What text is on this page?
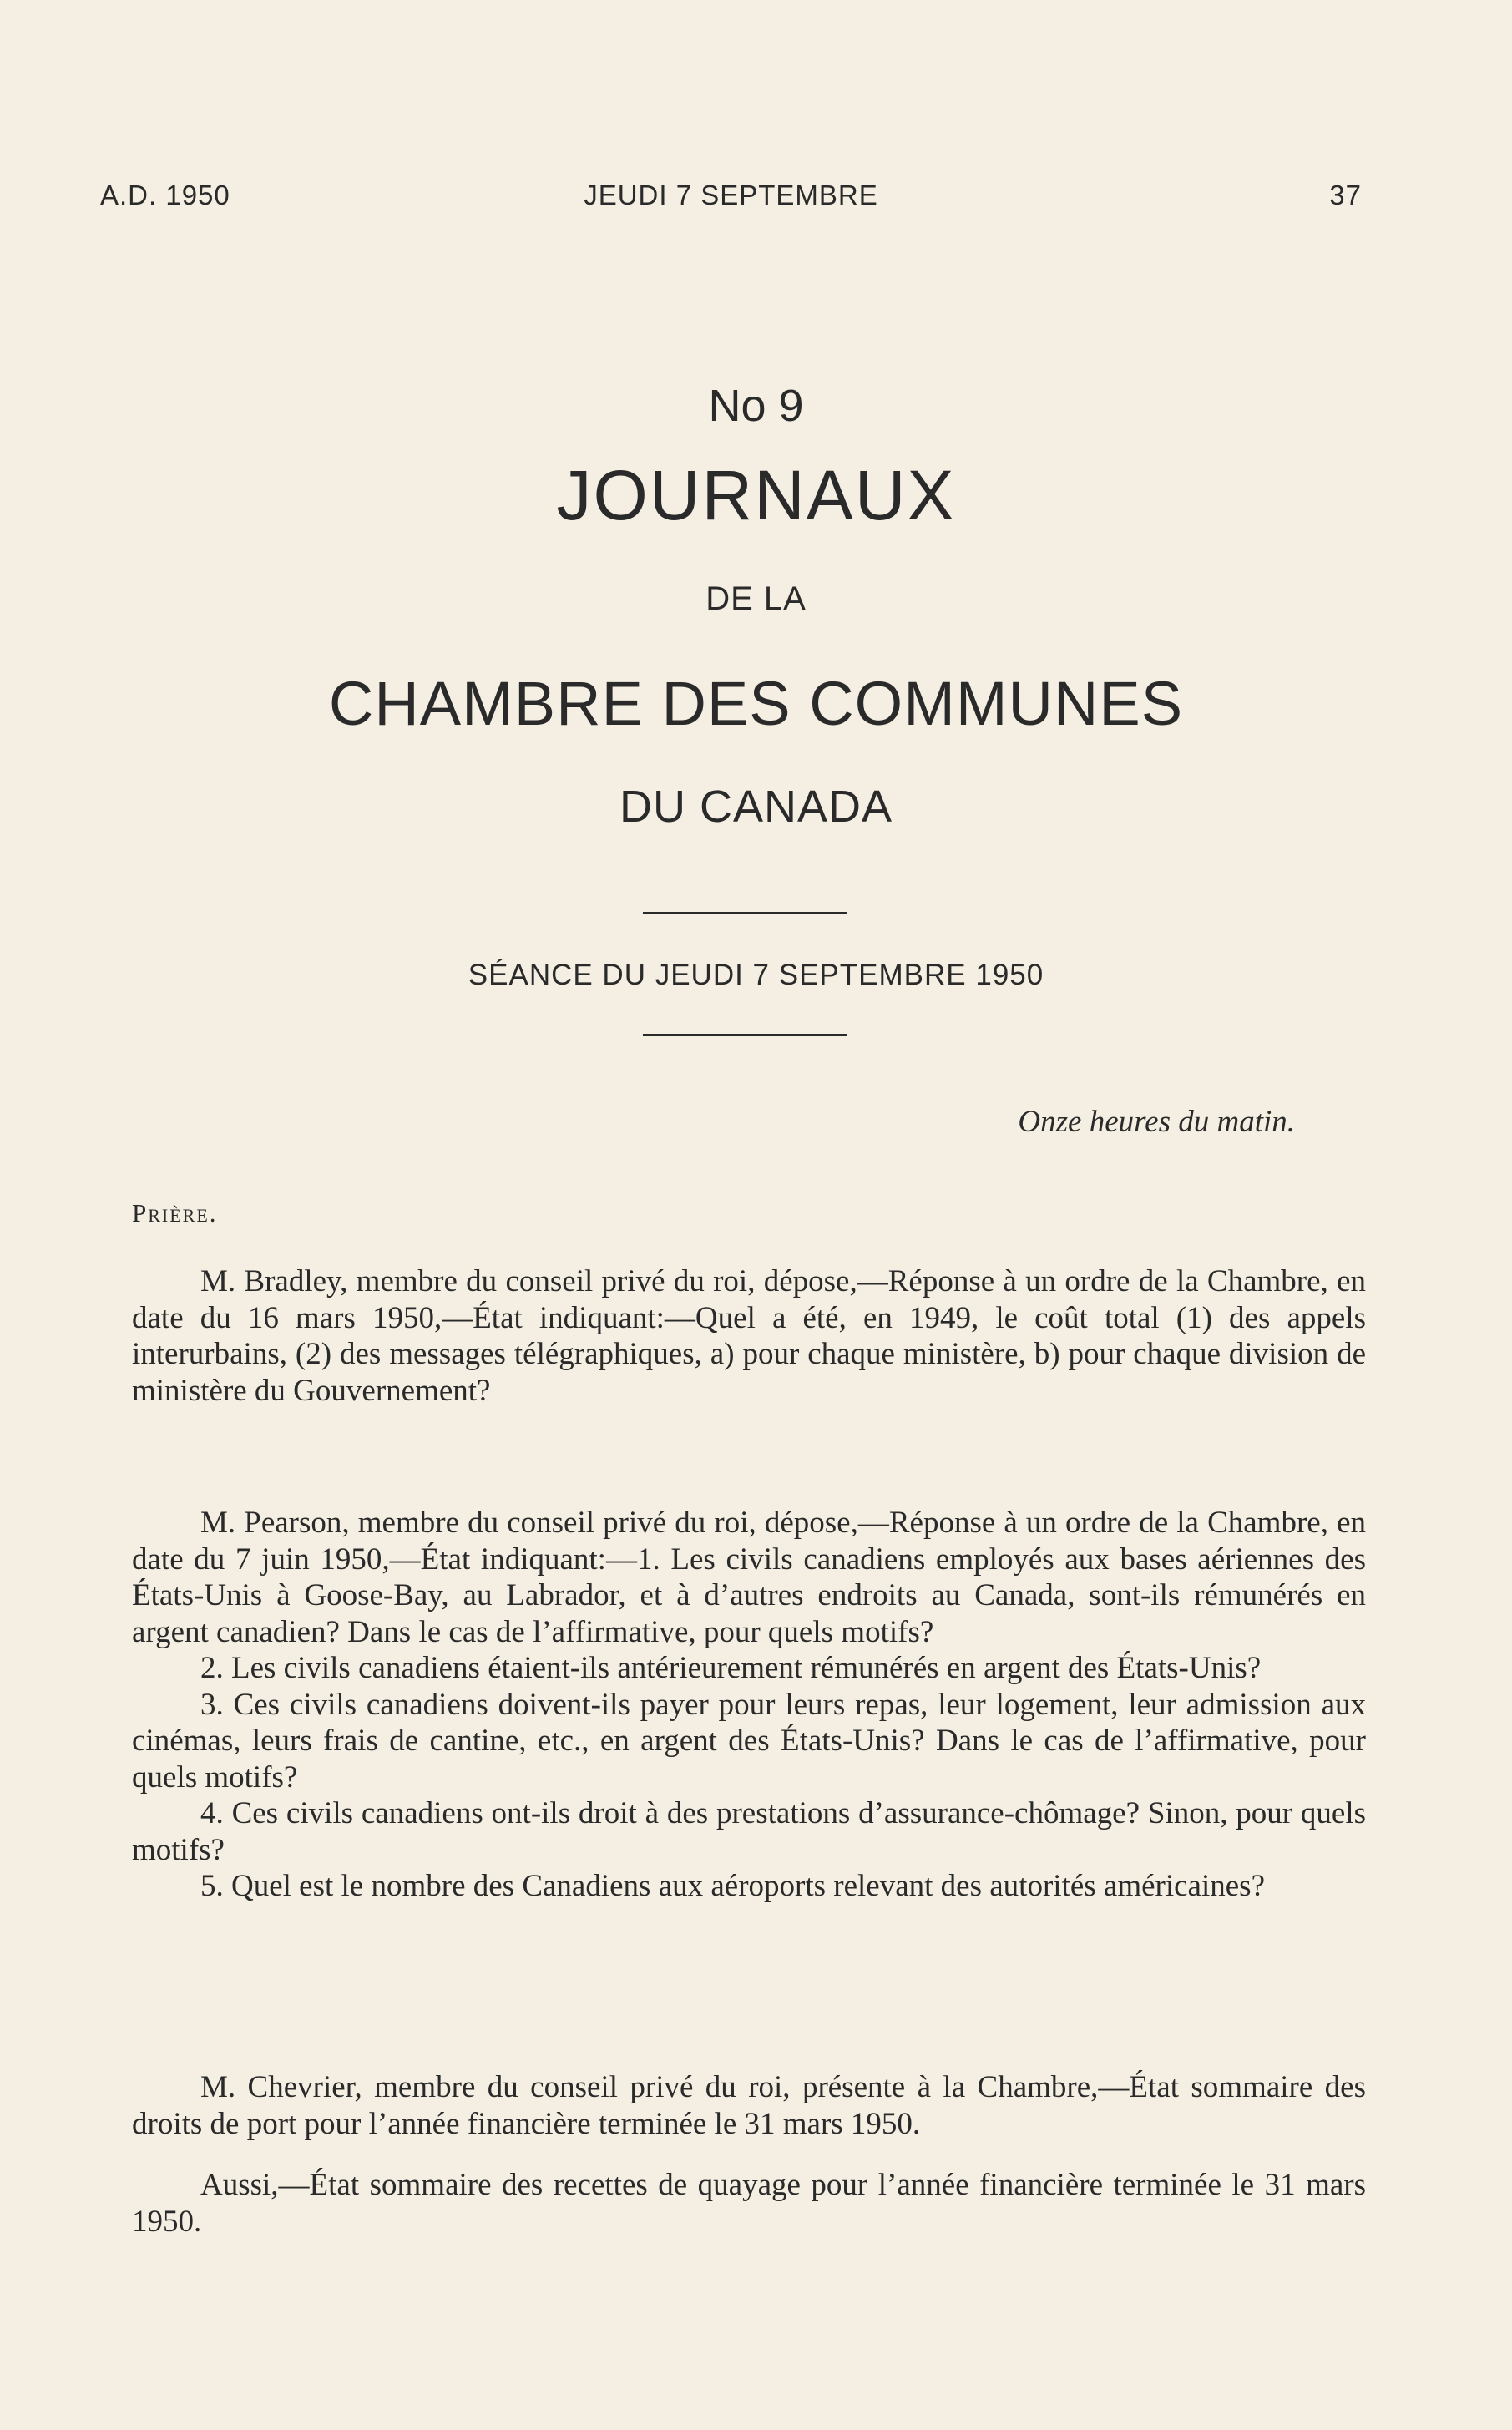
A.D. 1950	JEUDI 7 SEPTEMBRE	37
No 9
JOURNAUX
DE LA
CHAMBRE DES COMMUNES
DU CANADA
SÉANCE DU JEUDI 7 SEPTEMBRE 1950
Onze heures du matin.
Prière.

M. Bradley, membre du conseil privé du roi, dépose,—Réponse à un ordre de la Chambre, en date du 16 mars 1950,—État indiquant:—Quel a été, en 1949, le coût total (1) des appels interurbains, (2) des messages télégraphiques, a) pour chaque ministère, b) pour chaque division de ministère du Gouvernement?

M. Pearson, membre du conseil privé du roi, dépose,—Réponse à un ordre de la Chambre, en date du 7 juin 1950,—État indiquant:—1. Les civils canadiens employés aux bases aériennes des États-Unis à Goose-Bay, au Labrador, et à d’autres endroits au Canada, sont-ils rémunérés en argent canadien? Dans le cas de l’affirmative, pour quels motifs?

2. Les civils canadiens étaient-ils antérieurement rémunérés en argent des États-Unis?

3. Ces civils canadiens doivent-ils payer pour leurs repas, leur logement, leur admission aux cinémas, leurs frais de cantine, etc., en argent des États-Unis? Dans le cas de l’affirmative, pour quels motifs?

4. Ces civils canadiens ont-ils droit à des prestations d’assurance-chômage? Sinon, pour quels motifs?

5. Quel est le nombre des Canadiens aux aéroports relevant des autorités américaines?

M. Chevrier, membre du conseil privé du roi, présente à la Chambre,—État sommaire des droits de port pour l’année financière terminée le 31 mars 1950.

Aussi,—État sommaire des recettes de quayage pour l’année financière terminée le 31 mars 1950.
